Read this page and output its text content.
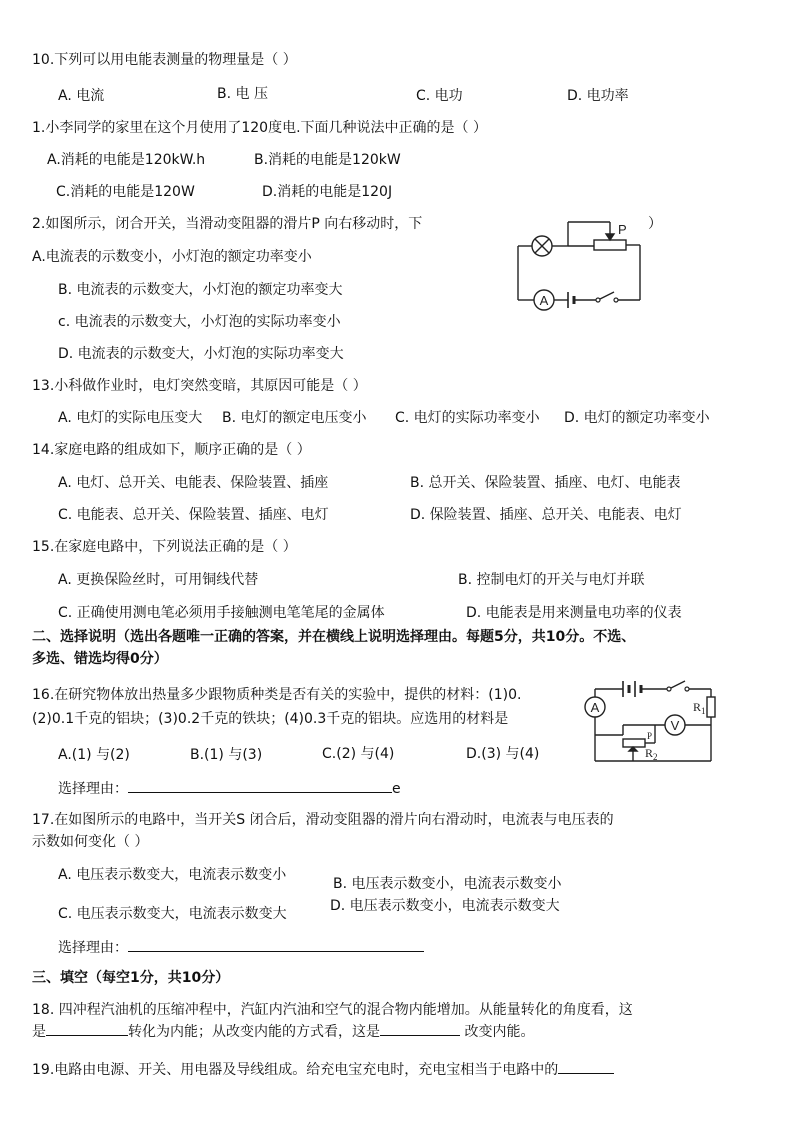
10.下列可以用电能表测量的物理量是（ ）
A. 电流	B. 电 压	C. 电功	D. 电功率
1.小李同学的家里在这个月使用了120度电.下面几种说法中正确的是（ ）
A.消耗的电能是120kW.h	B.消耗的电能是120kW
C.消耗的电能是120W	D.消耗的电能是120J
2.如图所示，闭合开关，当滑动变阻器的滑片P 向右移动时，下	）
A.电流表的示数变小，小灯泡的额定功率变小
B. 电流表的示数变大，小灯泡的额定功率变大
c. 电流表的示数变大，小灯泡的实际功率变小
D. 电流表的示数变大，小灯泡的实际功率变大
A
P
13.小科做作业时，电灯突然变暗，其原因可能是（ ）
A. 电灯的实际电压变大 B. 电灯的额定电压变小 C. 电灯的实际功率变小 D. 电灯的额定功率变小
14.家庭电路的组成如下，顺序正确的是（ ）
A. 电灯、总开关、电能表、保险装置、插座	B. 总开关、保险装置、插座、电灯、电能表
C. 电能表、总开关、保险装置、插座、电灯	D. 保险装置、插座、总开关、电能表、电灯
15.在家庭电路中，下列说法正确的是（ ）
A. 更换保险丝时，可用铜线代替	B. 控制电灯的开关与电灯并联
C. 正确使用测电笔必须用手接触测电笔笔尾的金属体	D. 电能表是用来测量电功率的仪表
二、选择说明（选出各题唯一正确的答案，并在横线上说明选择理由。每题5分，共10分。不选、
多选、错选均得0分）
16.在研究物体放出热量多少跟物质种类是否有关的实验中，提供的材料：(1)0.
(2)0.1千克的铝块；(3)0.2千克的铁块；(4)0.3千克的铝块。应选用的材料是
A.(1) 与(2)	B.(1) 与(3)	C.(2) 与(4)	D.(3) 与(4)
选择理由：	e
A
V
$R_1$
$R_2$
P
17.在如图所示的电路中，当开关S 闭合后，滑动变阻器的滑片向右滑动时，电流表与电压表的
示数如何变化（ ）
A. 电压表示数变大，电流表示数变小
B. 电压表示数变小，电流表示数变小
C. 电压表示数变大，电流表示数变大	D. 电压表示数变小，电流表示数变大
选择理由：
三、填空（每空1分，共10分）
18. 四冲程汽油机的压缩冲程中，汽缸内汽油和空气的混合物内能增加。从能量转化的角度看，这
是	转化为内能；从改变内能的方式看，这是	改变内能。
19.电路由电源、开关、用电器及导线组成。给充电宝充电时，充电宝相当于电路中的
